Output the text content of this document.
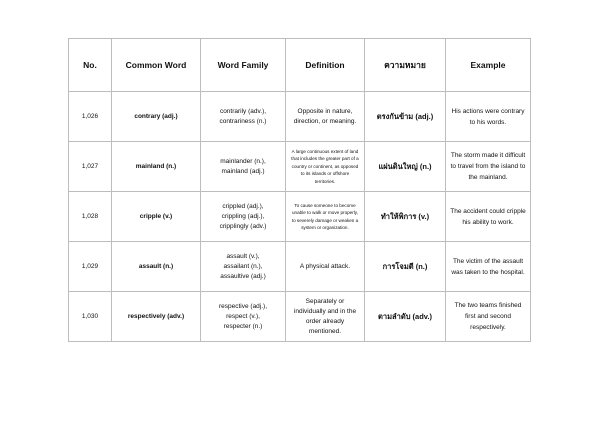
No.	Common Word	Word Family	Definition	ความหมาย	Example
1,026	contrary (adj.)	contrarily (adv.),
contrariness (n.)	Opposite in nature, direction, or meaning.	ตรงกันข้าม (adj.)	His actions were contrary to his words.
1,027	mainland (n.)	mainlander (n.),
mainland (adj.)	A large continuous extent of land that includes the greater part of a country or continent, as opposed to its islands or offshore territories.	แผ่นดินใหญ่ (n.)	The storm made it difficult to travel from the island to the mainland.
1,028	cripple (v.)	crippled (adj.),
crippling (adj.),
cripplingly (adv.)	To cause someone to become unable to walk or move properly, to severely damage or weaken a system or organization.	ทำให้พิการ (v.)	The accident could cripple his ability to work.
1,029	assault (n.)	assault (v.),
assailant (n.),
assaultive (adj.)	A physical attack.	การโจมตี (n.)	The victim of the assault was taken to the hospital.
1,030	respectively (adv.)	respective (adj.),
respect (v.),
respecter (n.)	Separately or individually and in the order already mentioned.	ตามลำดับ (adv.)	The two teams finished first and second respectively.
